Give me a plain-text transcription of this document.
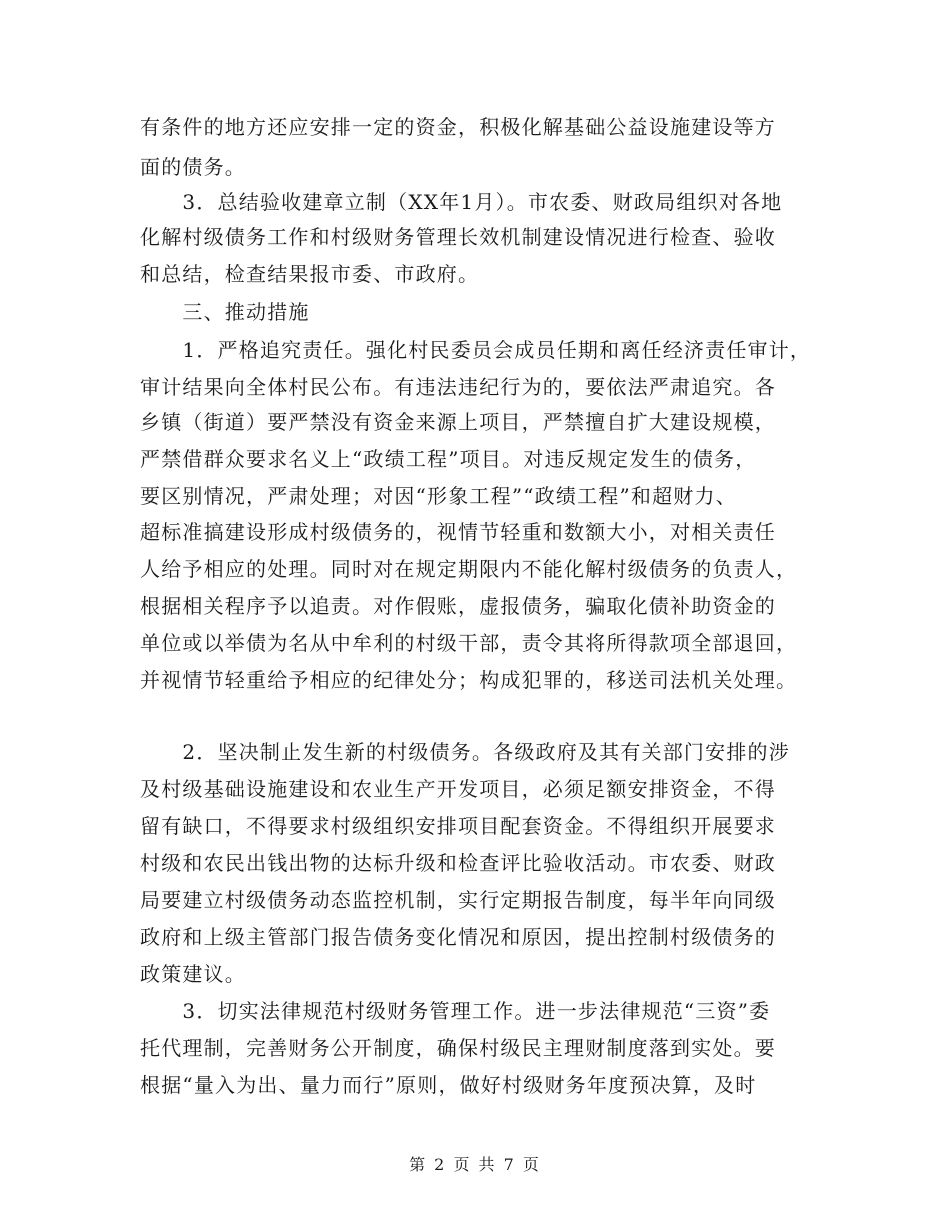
有条件的地方还应安排一定的资金，积极化解基础公益设施建设等方
面的债务。
　　3．总结验收建章立制（XX年1月）。市农委、财政局组织对各地
化解村级债务工作和村级财务管理长效机制建设情况进行检查、验收
和总结，检查结果报市委、市政府。
　　三、推动措施
　　1．严格追究责任。强化村民委员会成员任期和离任经济责任审计，
审计结果向全体村民公布。有违法违纪行为的，要依法严肃追究。各
乡镇（街道）要严禁没有资金来源上项目，严禁擅自扩大建设规模，
严禁借群众要求名义上“政绩工程”项目。对违反规定发生的债务，
要区别情况，严肃处理；对因“形象工程”“政绩工程”和超财力、
超标准搞建设形成村级债务的，视情节轻重和数额大小，对相关责任
人给予相应的处理。同时对在规定期限内不能化解村级债务的负责人，
根据相关程序予以追责。对作假账，虚报债务，骗取化债补助资金的
单位或以举债为名从中牟利的村级干部，责令其将所得款项全部退回，
并视情节轻重给予相应的纪律处分；构成犯罪的，移送司法机关处理。
　　2．坚决制止发生新的村级债务。各级政府及其有关部门安排的涉
及村级基础设施建设和农业生产开发项目，必须足额安排资金，不得
留有缺口，不得要求村级组织安排项目配套资金。不得组织开展要求
村级和农民出钱出物的达标升级和检查评比验收活动。市农委、财政
局要建立村级债务动态监控机制，实行定期报告制度，每半年向同级
政府和上级主管部门报告债务变化情况和原因，提出控制村级债务的
政策建议。
　　3．切实法律规范村级财务管理工作。进一步法律规范“三资”委
托代理制，完善财务公开制度，确保村级民主理财制度落到实处。要
根据“量入为出、量力而行”原则，做好村级财务年度预决算，及时
第 2 页 共 7 页
